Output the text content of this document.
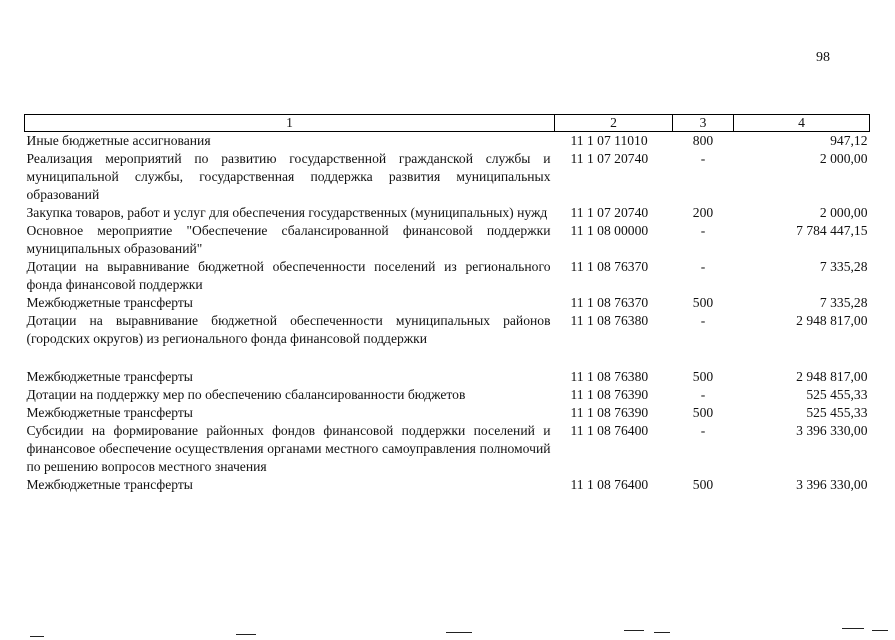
98
1	2	3	4
Иные бюджетные ассигнования	11 1 07 11010	800	947,12
Реализация мероприятий по развитию государственной гражданской службы и муниципальной службы, государственная поддержка развития муниципальных образований	11 1 07 20740	-	2 000,00
Закупка товаров, работ и услуг для обеспечения государственных (муниципальных) нужд	11 1 07 20740	200	2 000,00
Основное мероприятие "Обеспечение сбалансированной финансовой поддержки муниципальных образований"	11 1 08 00000	-	7 784 447,15
Дотации на выравнивание бюджетной обеспеченности поселений из регионального фонда финансовой поддержки	11 1 08 76370	-	7 335,28
Межбюджетные трансферты	11 1 08 76370	500	7 335,28
Дотации на выравнивание бюджетной обеспеченности муниципальных районов (городских округов) из регионального фонда финансовой поддержки	11 1 08 76380	-	2 948 817,00

Межбюджетные трансферты	11 1 08 76380	500	2 948 817,00
Дотации на поддержку мер по обеспечению сбалансированности бюджетов	11 1 08 76390	-	525 455,33
Межбюджетные трансферты	11 1 08 76390	500	525 455,33
Субсидии на формирование районных фондов финансовой поддержки поселений и финансовое обеспечение осуществления органами местного самоуправления полномочий по решению вопросов местного значения	11 1 08 76400	-	3 396 330,00
Межбюджетные трансферты	11 1 08 76400	500	3 396 330,00
